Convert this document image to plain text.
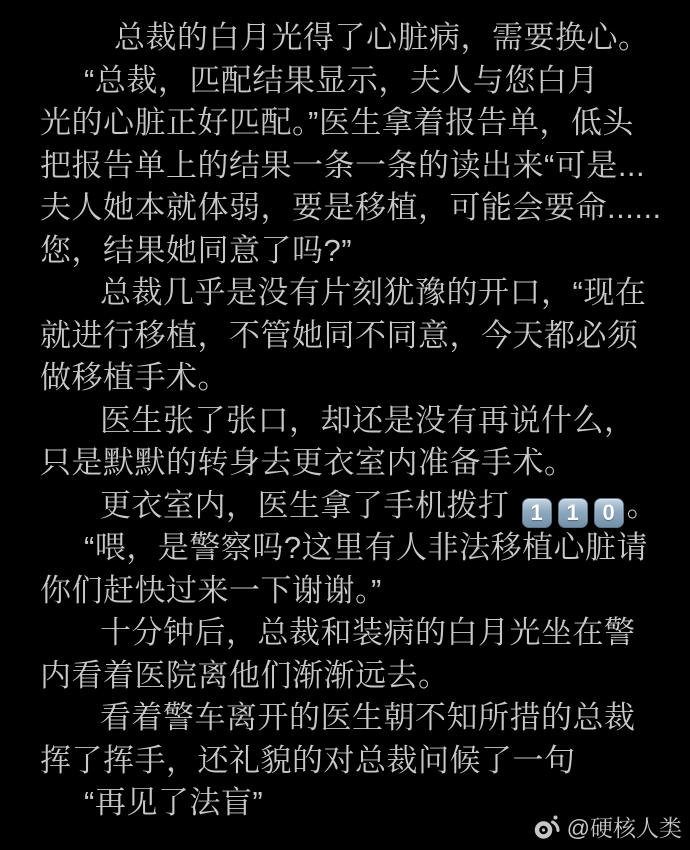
总裁的白月光得了心脏病，需要换心。
“总裁，匹配结果显示，夫人与您白月
光的心脏正好匹配。”医生拿着报告单，低头
把报告单上的结果一条一条的读出来“可是...
夫人她本就体弱，要是移植，可能会要命......
您，结果她同意了吗?”
总裁几乎是没有片刻犹豫的开口，“现在
就进行移植，不管她同不同意，今天都必须
做移植手术。
医生张了张口，却还是没有再说什么，
只是默默的转身去更衣室内准备手术。
更衣室内，医生拿了手机拨打 1 1 0 。
“喂，是警察吗?这里有人非法移植心脏请
你们赶快过来一下谢谢。”
十分钟后，总裁和装病的白月光坐在警
内看着医院离他们渐渐远去。
看着警车离开的医生朝不知所措的总裁
挥了挥手，还礼貌的对总裁问候了一句
“再见了法盲”
@硬核人类
